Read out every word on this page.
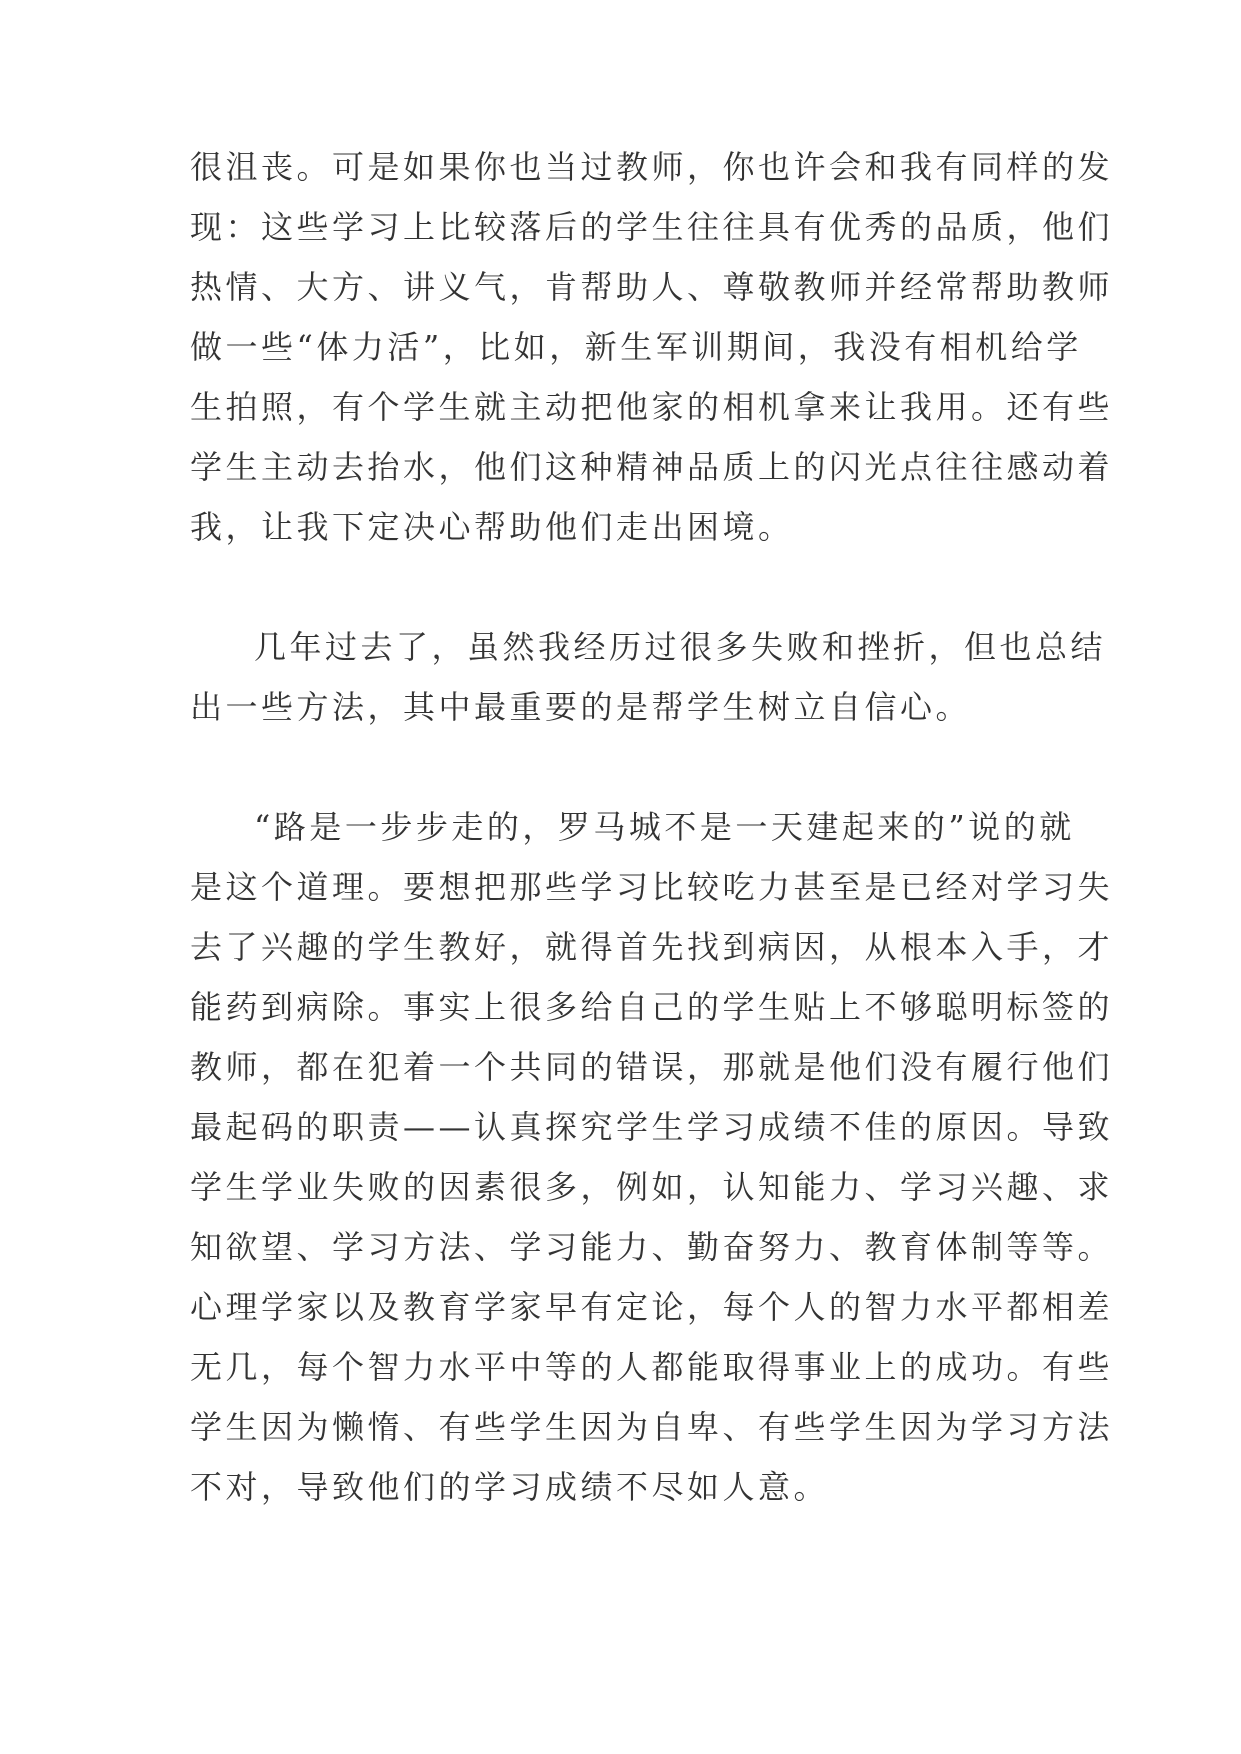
很沮丧。可是如果你也当过教师，你也许会和我有同样的发
现：这些学习上比较落后的学生往往具有优秀的品质，他们
热情、大方、讲义气，肯帮助人、尊敬教师并经常帮助教师
做一些“体力活”，比如，新生军训期间，我没有相机给学
生拍照，有个学生就主动把他家的相机拿来让我用。还有些
学生主动去抬水，他们这种精神品质上的闪光点往往感动着
我，让我下定决心帮助他们走出困境。
几年过去了，虽然我经历过很多失败和挫折，但也总结
出一些方法，其中最重要的是帮学生树立自信心。
“路是一步步走的，罗马城不是一天建起来的”说的就
是这个道理。要想把那些学习比较吃力甚至是已经对学习失
去了兴趣的学生教好，就得首先找到病因，从根本入手，才
能药到病除。事实上很多给自己的学生贴上不够聪明标签的
教师，都在犯着一个共同的错误，那就是他们没有履行他们
最起码的职责——认真探究学生学习成绩不佳的原因。导致
学生学业失败的因素很多，例如，认知能力、学习兴趣、求
知欲望、学习方法、学习能力、勤奋努力、教育体制等等。
心理学家以及教育学家早有定论，每个人的智力水平都相差
无几，每个智力水平中等的人都能取得事业上的成功。有些
学生因为懒惰、有些学生因为自卑、有些学生因为学习方法
不对，导致他们的学习成绩不尽如人意。
